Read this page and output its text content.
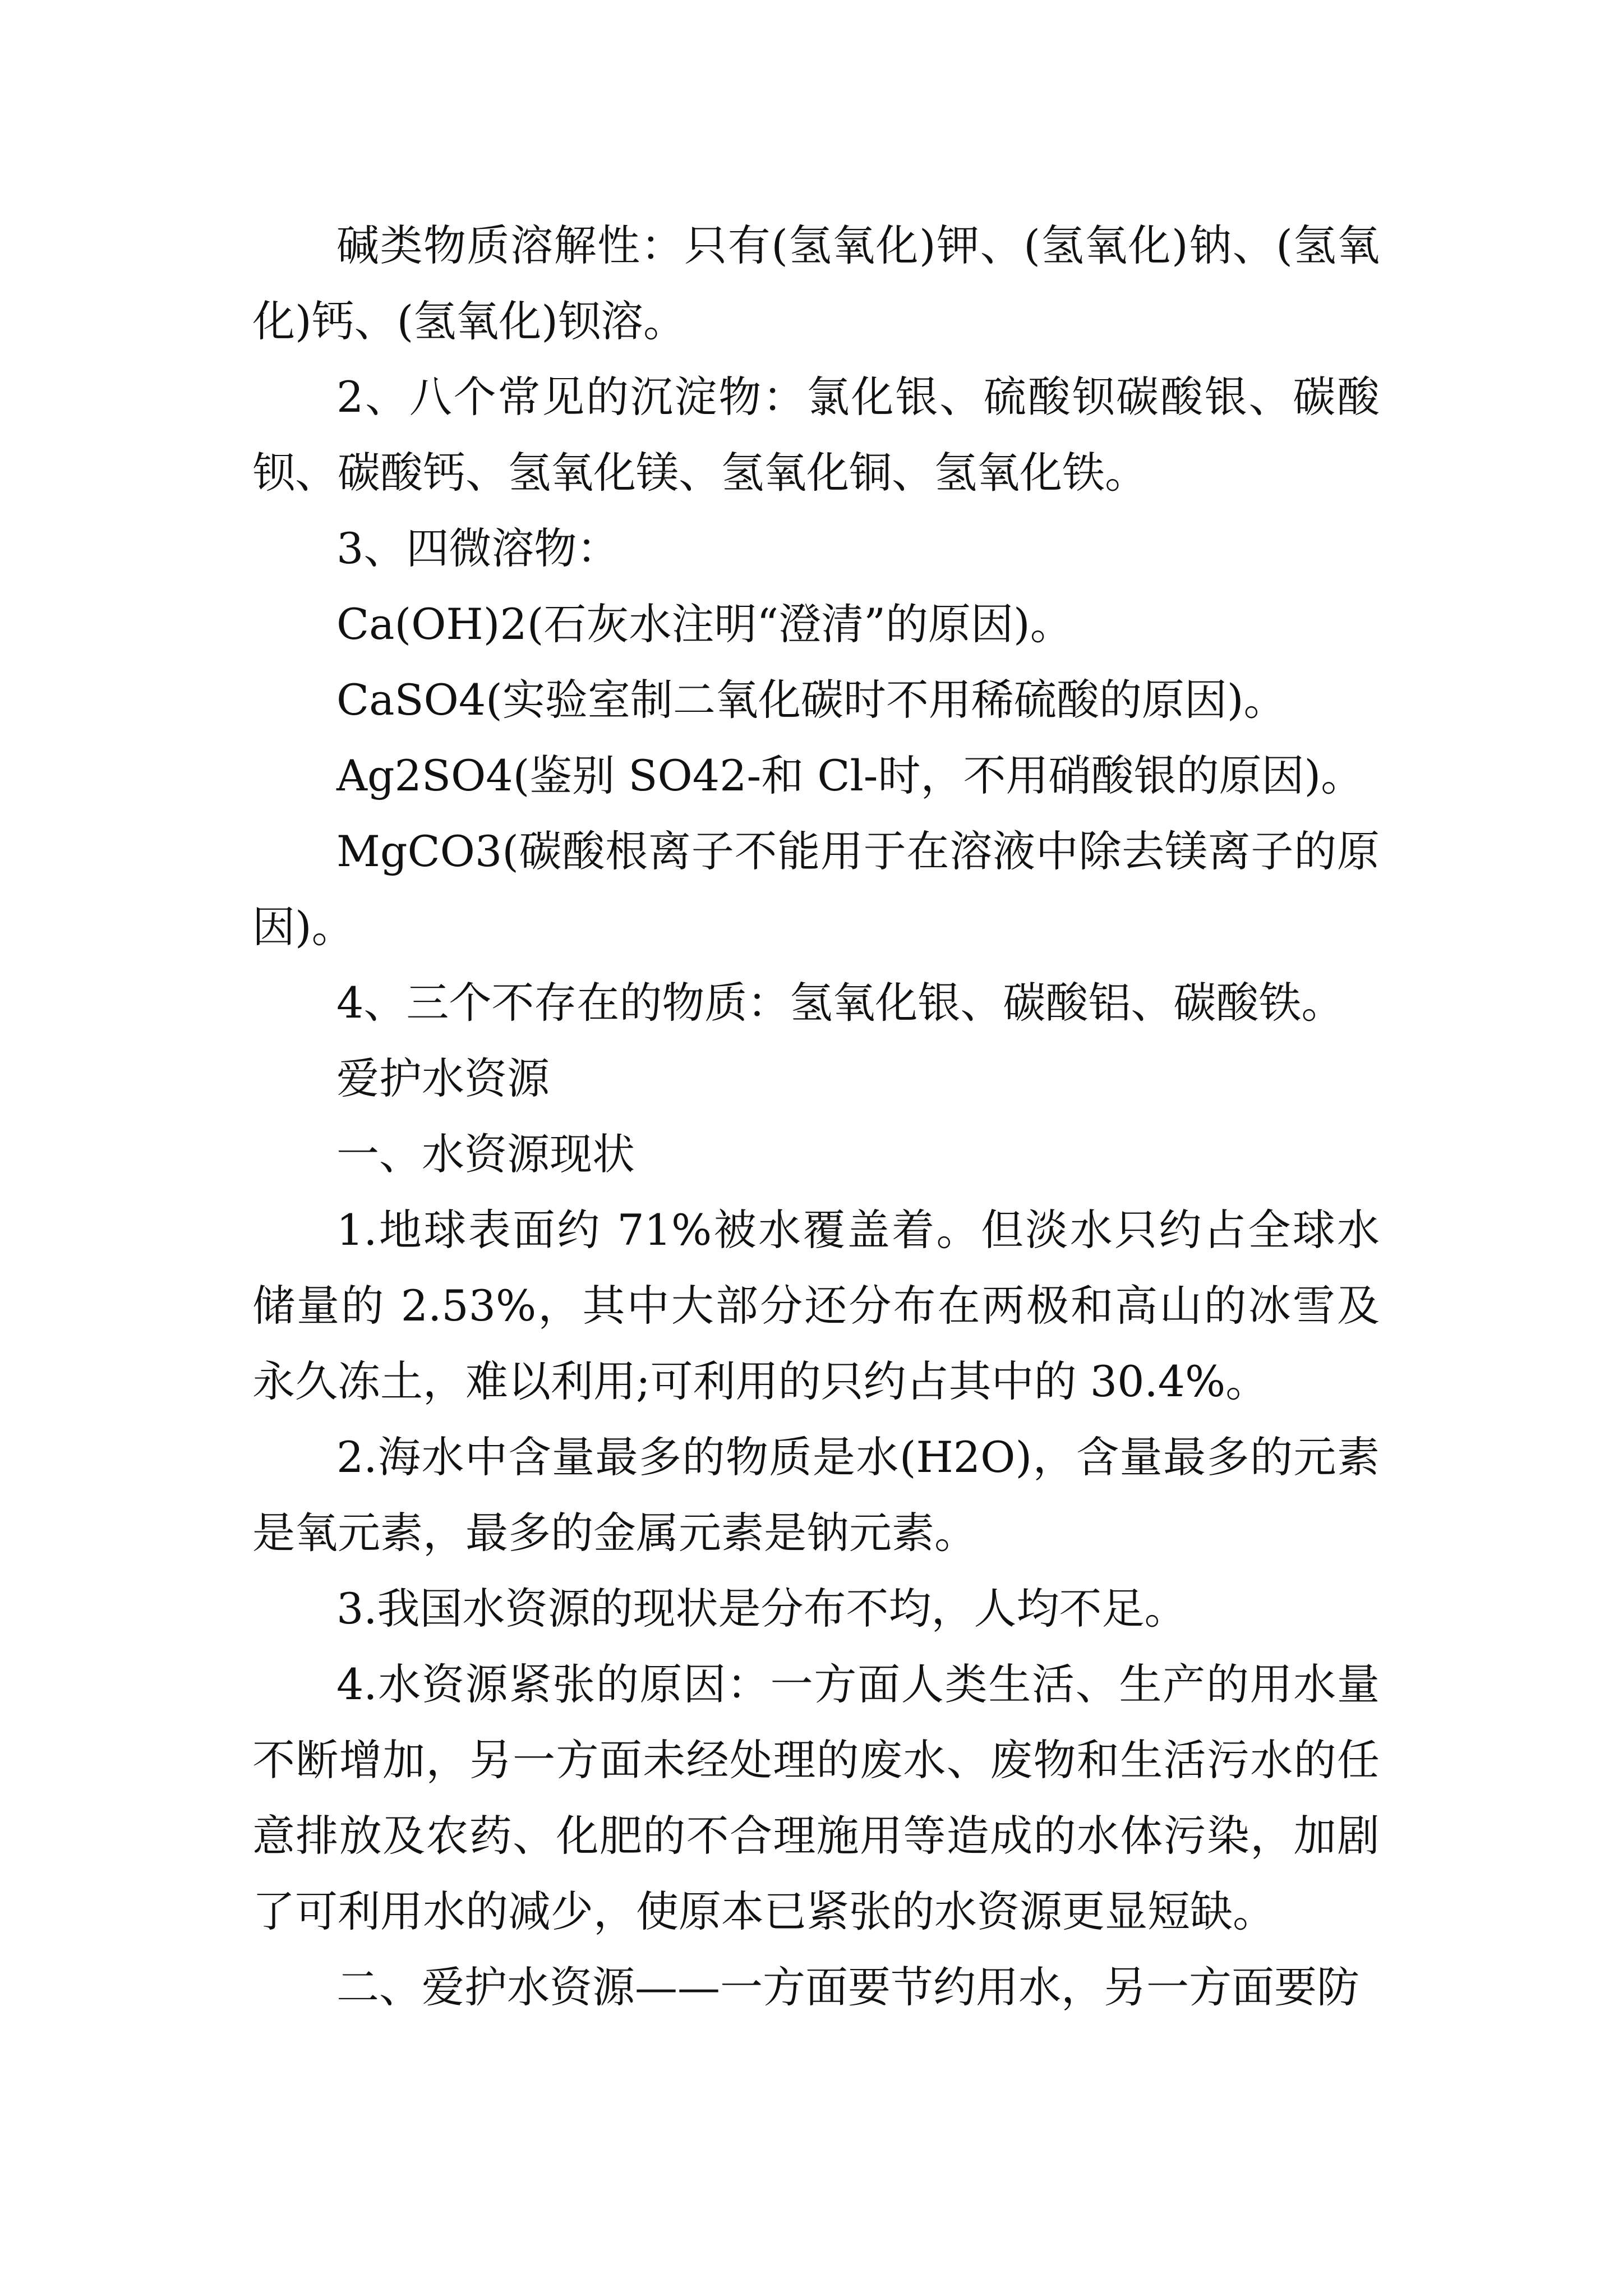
碱类物质溶解性：只有(氢氧化)钾、(氢氧化)钠、(氢氧化)钙、(氢氧化)钡溶。

2、八个常见的沉淀物：氯化银、硫酸钡碳酸银、碳酸钡、碳酸钙、氢氧化镁、氢氧化铜、氢氧化铁。

3、四微溶物：

Ca(OH)2(石灰水注明“澄清”的原因)。

CaSO4(实验室制二氧化碳时不用稀硫酸的原因)。

Ag2SO4(鉴别 SO42-和 Cl-时，不用硝酸银的原因)。

MgCO3(碳酸根离子不能用于在溶液中除去镁离子的原因)。

4、三个不存在的物质：氢氧化银、碳酸铝、碳酸铁。

爱护水资源

一、水资源现状

1.地球表面约 71%被水覆盖着。但淡水只约占全球水储量的 2.53%，其中大部分还分布在两极和高山的冰雪及永久冻土，难以利用;可利用的只约占其中的 30.4%。

2.海水中含量最多的物质是水(H2O)，含量最多的元素是氧元素，最多的金属元素是钠元素。

3.我国水资源的现状是分布不均，人均不足。

4.水资源紧张的原因：一方面人类生活、生产的用水量不断增加，另一方面未经处理的废水、废物和生活污水的任意排放及农药、化肥的不合理施用等造成的水体污染，加剧了可利用水的减少，使原本已紧张的水资源更显短缺。

二、爱护水资源——一方面要节约用水，另一方面要防
